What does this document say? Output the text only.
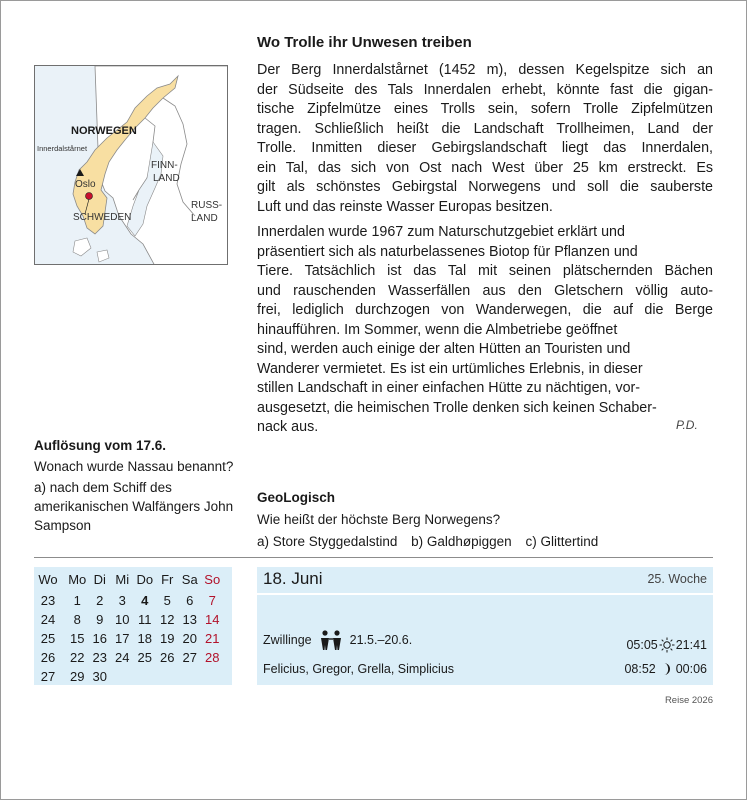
NORWEGEN
Innerdalstårnet
Oslo
FINN-
LAND
SCHWEDEN
RUSS-
LAND
Wo Trolle ihr Unwesen treiben

Der Berg Innerdalstårnet (1452 m), dessen Kegelspitze sich an
der Südseite des Tals Innerdalen erhebt, könnte fast die gigan-
tische Zipfelmütze eines Trolls sein, sofern Trolle Zipfelmützen
tragen. Schließlich heißt die Landschaft Trollheimen, Land der
Trolle. Inmitten dieser Gebirgslandschaft liegt das Innerdalen,
ein Tal, das sich von Ost nach West über 25 km erstreckt. Es
gilt als schönstes Gebirgstal Norwegens und soll die sauberste
Luft und das reinste Wasser Europas besitzen.

Innerdalen wurde 1967 zum Naturschutzgebiet erklärt und
präsentiert sich als naturbelassenes Biotop für Pflanzen und
Tiere. Tatsächlich ist das Tal mit seinen plätschernden Bächen
und rauschenden Wasserfällen aus den Gletschern völlig auto-
frei, lediglich durchzogen von Wanderwegen, die auf die Berge
hinaufführen. Im Sommer, wenn die Almbetriebe geöffnet
sind, werden auch einige der alten Hütten an Touristen und
Wanderer vermietet. Es ist ein urtümliches Erlebnis, in dieser
stillen Landschaft in einer einfachen Hütte zu nächtigen, vor-
ausgesetzt, die heimischen Trolle denken sich keinen Schaber-
nack aus.	P.D.
Auflösung vom 17.6.
Wonach wurde Nassau benannt?
a) nach dem Schiff des amerikanischen Walfängers John Sampson
GeoLogisch
Wie heißt der höchste Berg Norwegens?
a) Store Styggedalstind b) Galdhøpiggen c) Glittertind
Wo Mo Di Mi Do Fr Sa So
23	1	2	3	4	5	6	7
24	8	9 10 11 12 13 14
25	15 16 17 18 19 20 21
26	22 23 24 25 26 27 28
27	29 30
18. Juni	25. Woche
Zwillinge	21.5.–20.6.
Felicius, Gregor, Grella, Simplicius
05:05 21:41
08:52 00:06
Reise 2026
